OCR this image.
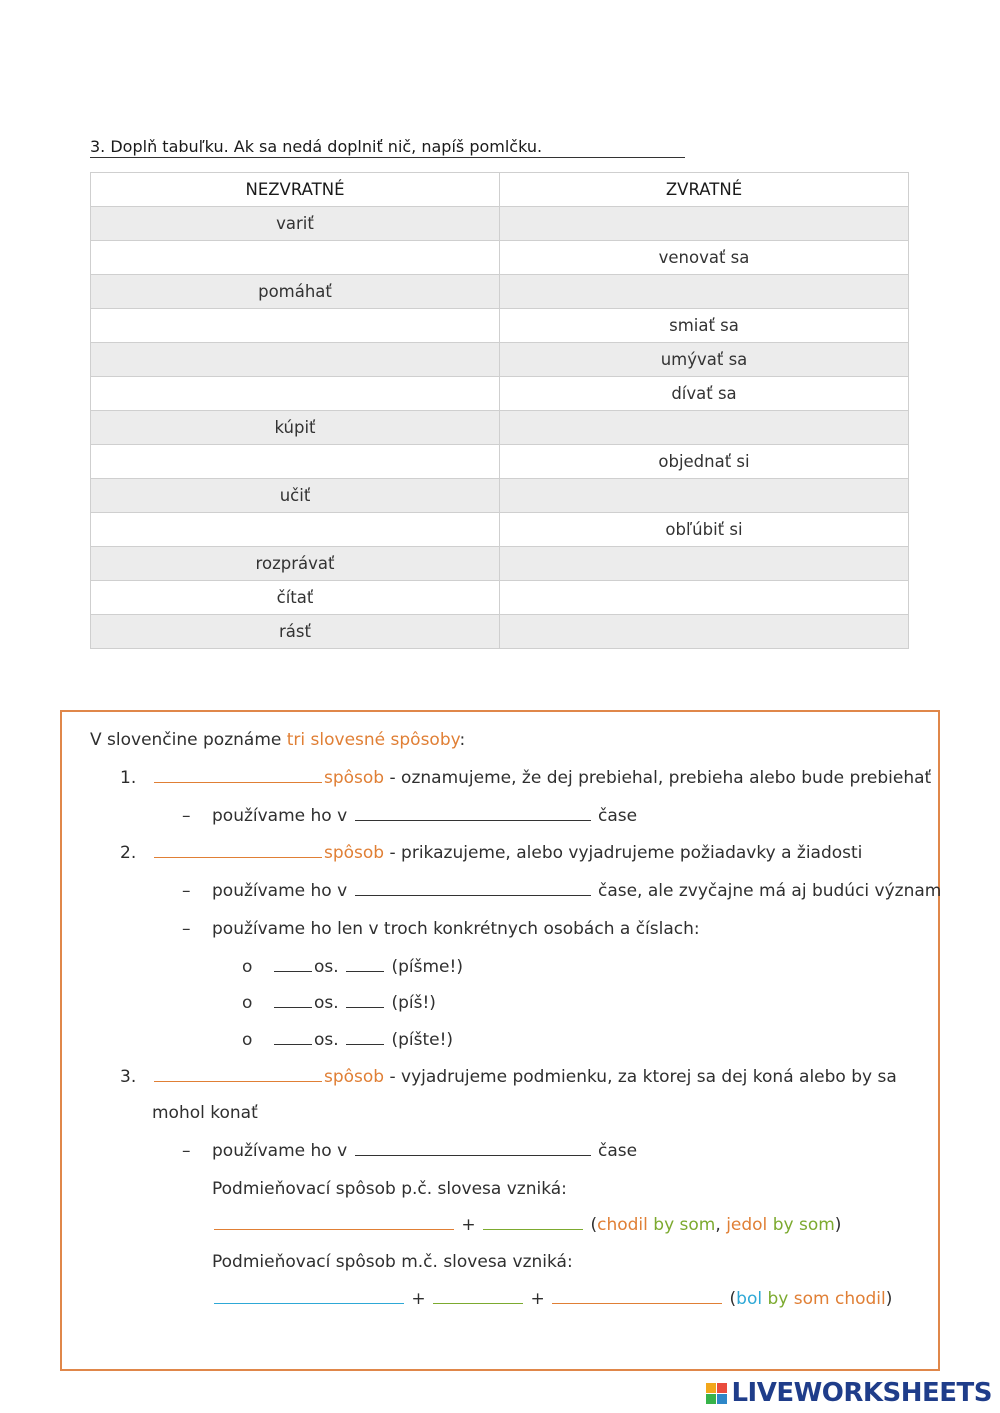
3. Doplň tabuľku. Ak sa nedá doplniť nič, napíš pomlčku.
NEZVRATNÉ	ZVRATNÉ
variť	
	venovať sa
pomáhať	
	smiať sa
	umývať sa
	dívať sa
kúpiť	
	objednať si
učiť	
	obľúbiť si
rozprávať	
čítať	
rásť	
V slovenčine poznáme tri slovesné spôsoby:
1.	spôsob - oznamujeme, že dej prebiehal, prebieha alebo bude prebiehať
– používame ho v	čase
2.	spôsob - prikazujeme, alebo vyjadrujeme požiadavky a žiadosti
– používame ho v	čase, ale zvyčajne má aj budúci význam
– používame ho len v troch konkrétnych osobách a číslach:
o	os.	(píšme!)
o	os.	(píš!)
o	os.	(píšte!)
3.	spôsob - vyjadrujeme podmienku, za ktorej sa dej koná alebo by sa
mohol konať
– používame ho v	čase
Podmieňovací spôsob p.č. slovesa vzniká:
+	(chodil by som, jedol by som)
Podmieňovací spôsob m.č. slovesa vzniká:
+	+	(bol by som chodil)
LIVEWORKSHEETS
